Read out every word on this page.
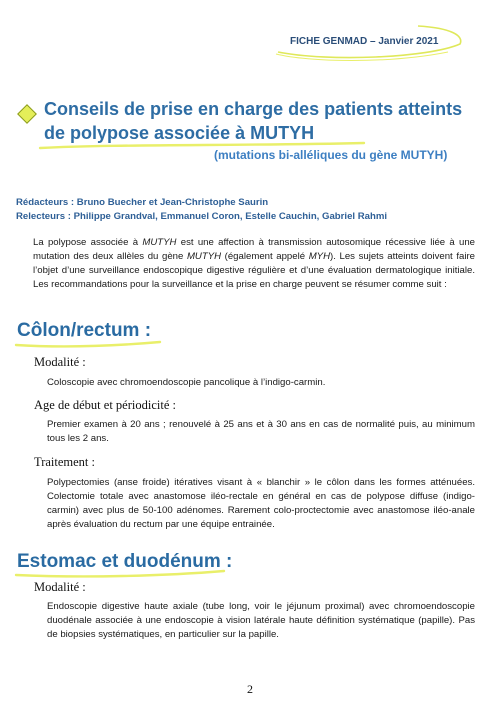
FICHE GENMAD – Janvier 2021
Conseils de prise en charge des patients atteints
de polypose associée à MUTYH
(mutations bi-alléliques du gène MUTYH)
Rédacteurs : Bruno Buecher et Jean-Christophe Saurin
Relecteurs : Philippe Grandval, Emmanuel Coron, Estelle Cauchin, Gabriel Rahmi
La polypose associée à MUTYH est une affection à transmission autosomique récessive liée à une mutation des deux allèles du gène MUTYH (également appelé MYH). Les sujets atteints doivent faire l’objet d’une surveillance endoscopique digestive régulière et d’une évaluation dermatologique initiale. Les recommandations pour la surveillance et la prise en charge peuvent se résumer comme suit :
Côlon/rectum :
Modalité :
Coloscopie avec chromoendoscopie pancolique à l’indigo-carmin.
Age de début et périodicité :
Premier examen à 20 ans ; renouvelé à 25 ans et à 30 ans en cas de normalité puis, au minimum tous les 2 ans.
Traitement :
Polypectomies (anse froide) itératives visant à « blanchir » le côlon dans les formes atténuées. Colectomie totale avec anastomose iléo-rectale en général en cas de polypose diffuse (indigo-carmin) avec plus de 50-100 adénomes. Rarement colo-proctectomie avec anastomose iléo-anale après évaluation du rectum par une équipe entrainée.
Estomac et duodénum :
Modalité :
Endoscopie digestive haute axiale (tube long, voir le jéjunum proximal) avec chromoendoscopie duodénale associée à une endoscopie à vision latérale haute définition systématique (papille). Pas de biopsies systématiques, en particulier sur la papille.
2
